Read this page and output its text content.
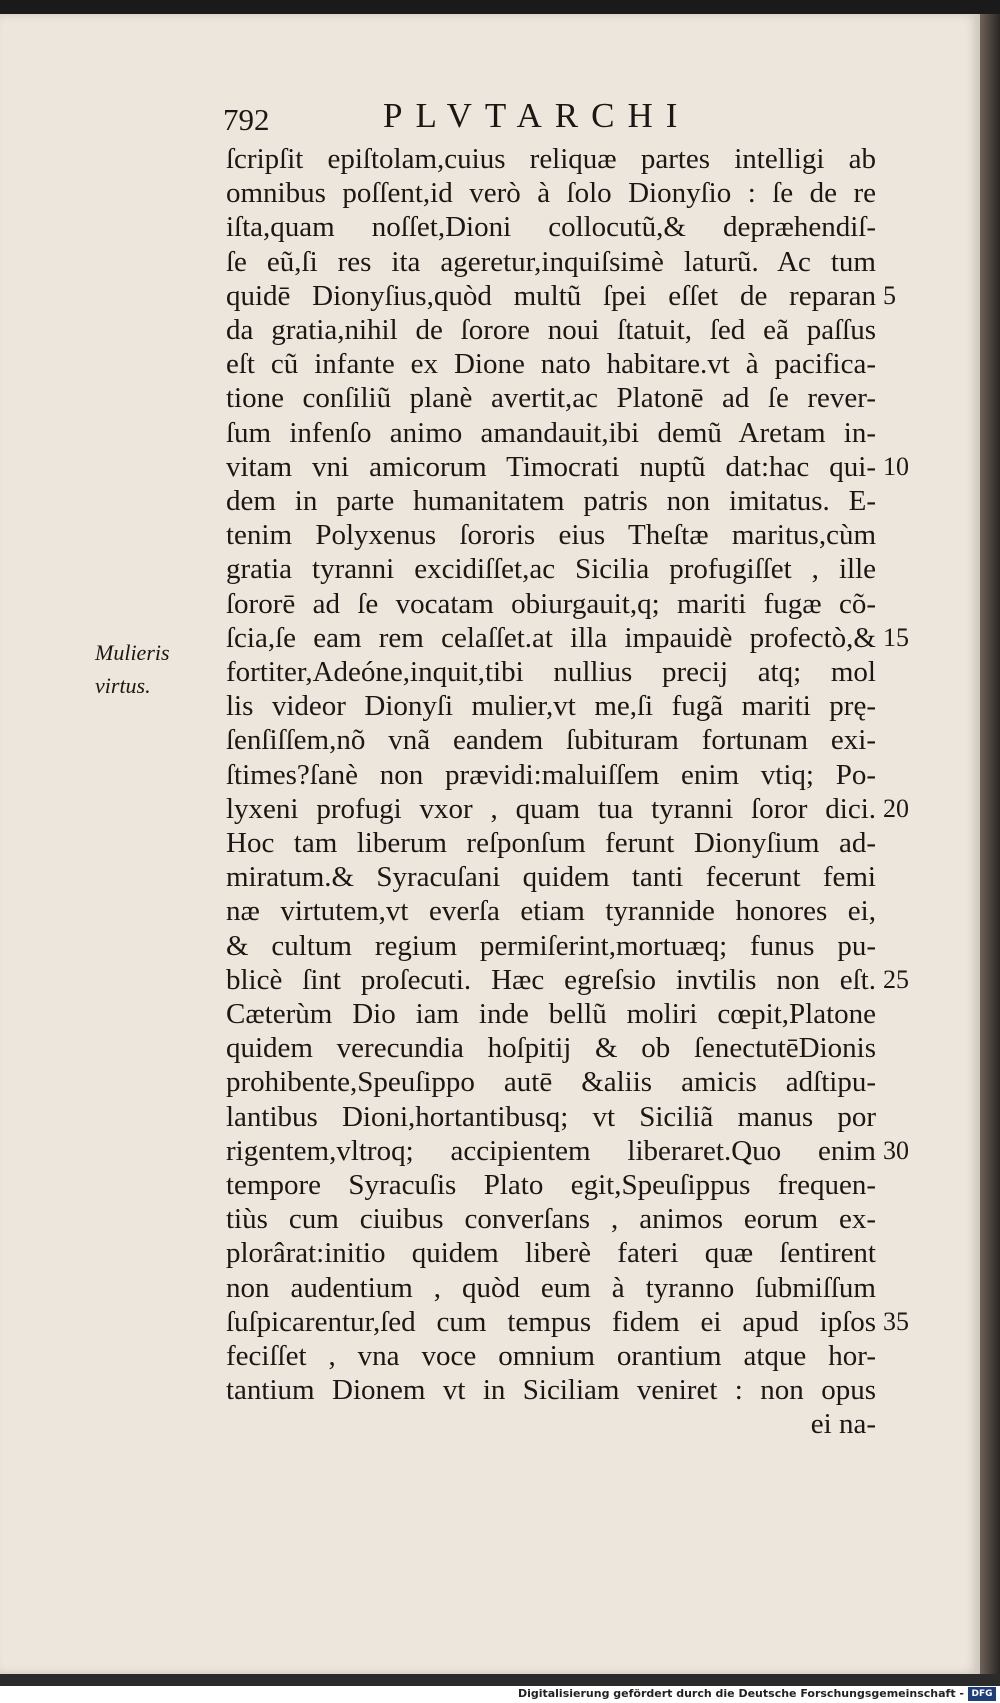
792	PLVTARCHI
Mulieris
virtus.
ſcripſit epiſtolam,cuius reliquæ partes intelligi ab
omnibus poſſent,id verò à ſolo Dionyſio : ſe de re
iſta,quam noſſet,Dioni collocutũ,& depræhendiſ-
ſe eũ,ſi res ita ageretur,inquiſsimè laturũ. Ac tum
quidē Dionyſius,quòd multũ ſpei eſſet de reparan
da gratia,nihil de ſorore noui ſtatuit, ſed eã paſſus
eſt cũ infante ex Dione nato habitare.vt à pacifica-
tione conſiliũ planè avertit,ac Platonē ad ſe rever-
ſum infenſo animo amandauit,ibi demũ Aretam in-
vitam vni amicorum Timocrati nuptũ dat:hac qui-
dem in parte humanitatem patris non imitatus. E-
tenim Polyxenus ſororis eius Theſtæ maritus,cùm
gratia tyranni excidiſſet,ac Sicilia profugiſſet , ille
ſororē ad ſe vocatam obiurgauit,q; mariti fugæ cõ-
ſcia,ſe eam rem celaſſet.at illa impauidè profectò,&
fortiter,Adeóne,inquit,tibi nullius precij atq; mol
lis videor Dionyſi mulier,vt me,ſi fugã mariti prę-
ſenſiſſem,nõ vnã eandem ſubituram fortunam exi-
ſtimes?ſanè non prævidi:maluiſſem enim vtiq; Po-
lyxeni profugi vxor , quam tua tyranni ſoror dici.
Hoc tam liberum reſponſum ferunt Dionyſium ad-
miratum.& Syracuſani quidem tanti fecerunt femi
næ virtutem,vt everſa etiam tyrannide honores ei,
& cultum regium permiſerint,mortuæq; funus pu-
blicè ſint proſecuti. Hæc egreſsio invtilis non eſt.
Cæterùm Dio iam inde bellũ moliri cœpit,Platone
quidem verecundia hoſpitij & ob ſenectutēDionis
prohibente,Speuſippo autē &aliis amicis adſtipu-
lantibus Dioni,hortantibusq; vt Siciliã manus por
rigentem,vltroq; accipientem liberaret.Quo enim
tempore Syracuſis Plato egit,Speuſippus frequen-
tiùs cum ciuibus converſans , animos eorum ex-
plorârat:initio quidem liberè fateri quæ ſentirent
non audentium , quòd eum à tyranno ſubmiſſum
ſuſpicarentur,ſed cum tempus fidem ei apud ipſos
feciſſet , vna voce omnium orantium atque hor-
tantium Dionem vt in Siciliam veniret : non opus
ei na-
5
10
15
20
25
30
35
Digitalisierung gefördert durch die Deutsche Forschungsgemeinschaft - DFG
